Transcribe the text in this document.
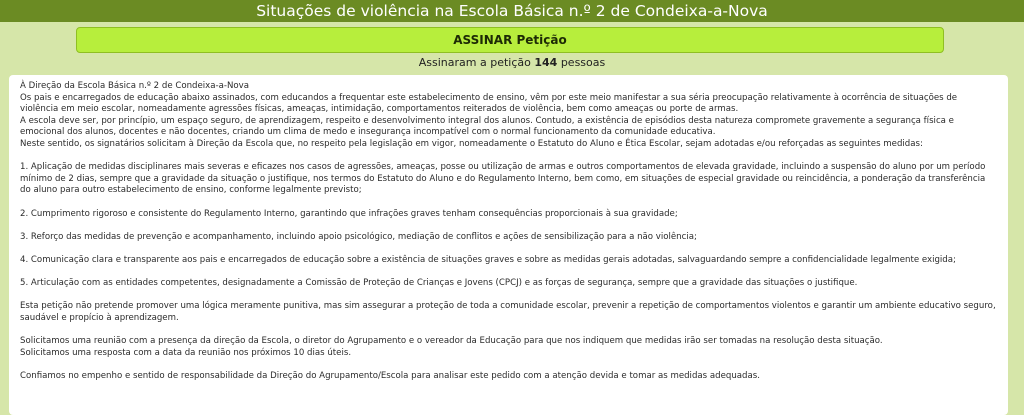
Situações de violência na Escola Básica n.º 2 de Condeixa-a-Nova
ASSINAR Petição
Assinaram a petição 144 pessoas

À Direção da Escola Básica n.º 2 de Condeixa-a-Nova

Os pais e encarregados de educação abaixo assinados, com educandos a frequentar este estabelecimento de ensino, vêm por este meio manifestar a sua séria preocupação relativamente à ocorrência de situações de violência em meio escolar, nomeadamente agressões físicas, ameaças, intimidação, comportamentos reiterados de violência, bem como ameaças ou porte de armas.

A escola deve ser, por princípio, um espaço seguro, de aprendizagem, respeito e desenvolvimento integral dos alunos. Contudo, a existência de episódios desta natureza compromete gravemente a segurança física e emocional dos alunos, docentes e não docentes, criando um clima de medo e insegurança incompatível com o normal funcionamento da comunidade educativa.

Neste sentido, os signatários solicitam à Direção da Escola que, no respeito pela legislação em vigor, nomeadamente o Estatuto do Aluno e Ética Escolar, sejam adotadas e/ou reforçadas as seguintes medidas:

1. Aplicação de medidas disciplinares mais severas e eficazes nos casos de agressões, ameaças, posse ou utilização de armas e outros comportamentos de elevada gravidade, incluindo a suspensão do aluno por um período mínimo de 2 dias, sempre que a gravidade da situação o justifique, nos termos do Estatuto do Aluno e do Regulamento Interno, bem como, em situações de especial gravidade ou reincidência, a ponderação da transferência do aluno para outro estabelecimento de ensino, conforme legalmente previsto;

2. Cumprimento rigoroso e consistente do Regulamento Interno, garantindo que infrações graves tenham consequências proporcionais à sua gravidade;

3. Reforço das medidas de prevenção e acompanhamento, incluindo apoio psicológico, mediação de conflitos e ações de sensibilização para a não violência;

4. Comunicação clara e transparente aos pais e encarregados de educação sobre a existência de situações graves e sobre as medidas gerais adotadas, salvaguardando sempre a confidencialidade legalmente exigida;

5. Articulação com as entidades competentes, designadamente a Comissão de Proteção de Crianças e Jovens (CPCJ) e as forças de segurança, sempre que a gravidade das situações o justifique.

Esta petição não pretende promover uma lógica meramente punitiva, mas sim assegurar a proteção de toda a comunidade escolar, prevenir a repetição de comportamentos violentos e garantir um ambiente educativo seguro, saudável e propício à aprendizagem.

Solicitamos uma reunião com a presença da direção da Escola, o diretor do Agrupamento e o vereador da Educação para que nos indiquem que medidas irão ser tomadas na resolução desta situação.

Solicitamos uma resposta com a data da reunião nos próximos 10 dias úteis.

Confiamos no empenho e sentido de responsabilidade da Direção do Agrupamento/Escola para analisar este pedido com a atenção devida e tomar as medidas adequadas.
